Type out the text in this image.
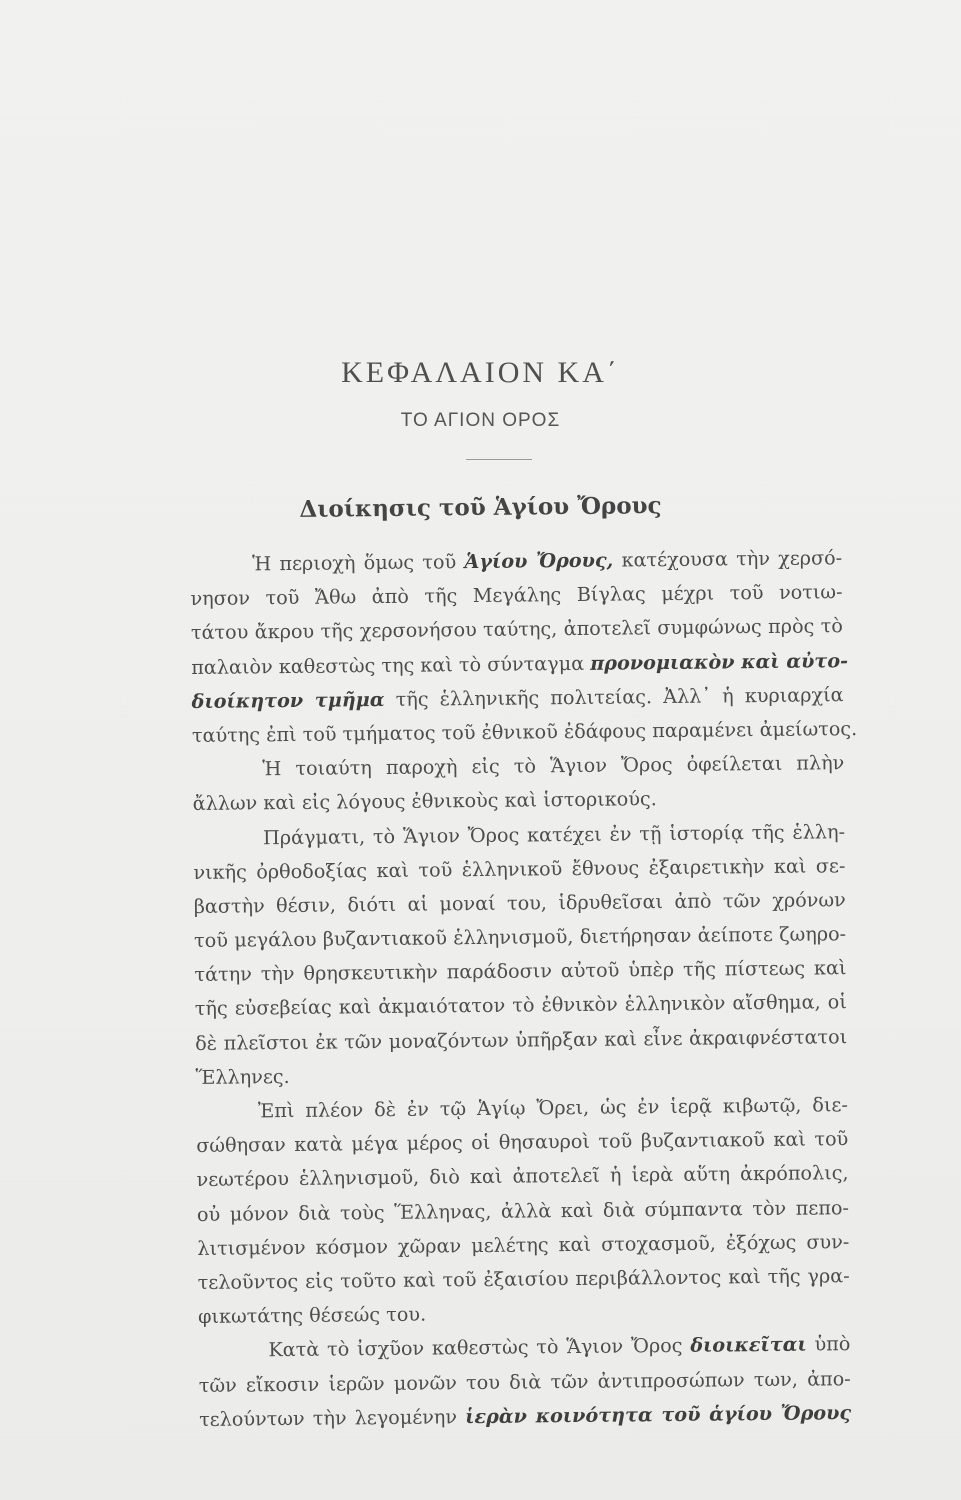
ΚΕΦΑΛΑΙΟΝ ΚΑ΄
ΤΟ ΑΓΙΟΝ ΟΡΟΣ
Διοίκησις τοῦ Ἁγίου Ὄρους
Ἡ περιοχὴ ὅμως τοῦ Ἁγίου Ὄρους, κατέχουσα τὴν χερσό-
νησον τοῦ Ἄθω ἀπὸ τῆς Μεγάλης Βίγλας μέχρι τοῦ νοτιω-
τάτου ἄκρου τῆς χερσονήσου ταύτης, ἀποτελεῖ συμφώνως πρὸς τὸ
παλαιὸν καθεστὼς της καὶ τὸ σύνταγμα προνομιακὸν καὶ αὐτο-
διοίκητον τμῆμα τῆς ἑλληνικῆς πολιτείας. Ἀλλ᾽ ἡ κυριαρχία
ταύτης ἐπὶ τοῦ τμήματος τοῦ ἐθνικοῦ ἐδάφους παραμένει ἀμείωτος.
Ἡ τοιαύτη παροχὴ εἰς τὸ Ἅγιον Ὄρος ὀφείλεται πλὴν
ἄλλων καὶ εἰς λόγους ἐθνικοὺς καὶ ἱστορικούς.
Πράγματι, τὸ Ἅγιον Ὄρος κατέχει ἐν τῇ ἱστορίᾳ τῆς ἑλλη-
νικῆς ὀρθοδοξίας καὶ τοῦ ἑλληνικοῦ ἔθνους ἐξαιρετικὴν καὶ σε-
βαστὴν θέσιν, διότι αἱ μοναί του, ἱδρυθεῖσαι ἀπὸ τῶν χρόνων
τοῦ μεγάλου βυζαντιακοῦ ἑλληνισμοῦ, διετήρησαν ἀείποτε ζωηρο-
τάτην τὴν θρησκευτικὴν παράδοσιν αὐτοῦ ὑπὲρ τῆς πίστεως καὶ
τῆς εὐσεβείας καὶ ἀκμαιότατον τὸ ἐθνικὸν ἑλληνικὸν αἴσθημα, οἱ
δὲ πλεῖστοι ἐκ τῶν μοναζόντων ὑπῆρξαν καὶ εἶνε ἀκραιφνέστατοι
Ἕλληνες.
Ἐπὶ πλέον δὲ ἐν τῷ Ἁγίῳ Ὄρει, ὡς ἐν ἱερᾷ κιβωτῷ, διε-
σώθησαν κατὰ μέγα μέρος οἱ θησαυροὶ τοῦ βυζαντιακοῦ καὶ τοῦ
νεωτέρου ἑλληνισμοῦ, διὸ καὶ ἀποτελεῖ ἡ ἱερὰ αὕτη ἀκρόπολις,
οὐ μόνον διὰ τοὺς Ἕλληνας, ἀλλὰ καὶ διὰ σύμπαντα τὸν πεπο-
λιτισμένον κόσμον χῶραν μελέτης καὶ στοχασμοῦ, ἐξόχως συν-
τελοῦντος εἰς τοῦτο καὶ τοῦ ἐξαισίου περιβάλλοντος καὶ τῆς γρα-
φικωτάτης θέσεώς του.
Κατὰ τὸ ἰσχῦον καθεστὼς τὸ Ἅγιον Ὄρος διοικεῖται ὑπὸ
τῶν εἴκοσιν ἱερῶν μονῶν του διὰ τῶν ἀντιπροσώπων των, ἀπο-
τελούντων τὴν λεγομένην ἱερὰν κοινότητα τοῦ ἁγίου Ὄρους
